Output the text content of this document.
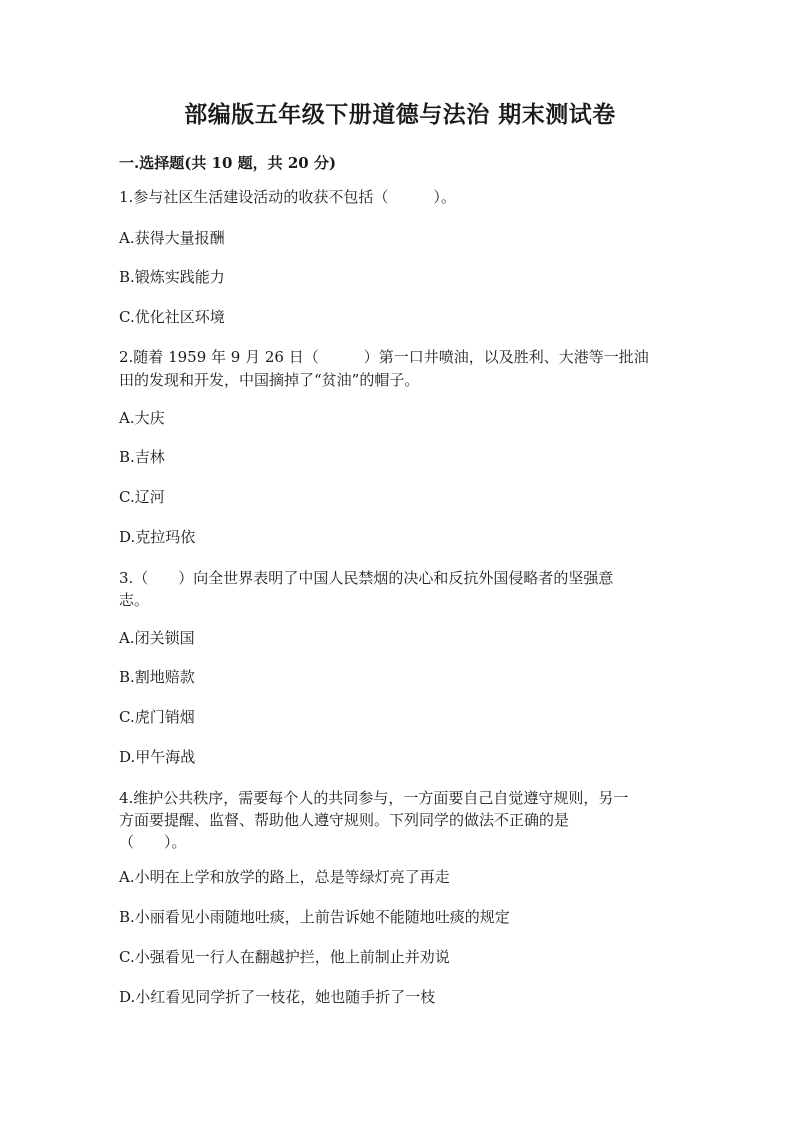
部编版五年级下册道德与法治 期末测试卷
一.选择题(共 10 题，共 20 分)
1.参与社区生活建设活动的收获不包括（　　　）。
A.获得大量报酬
B.锻炼实践能力
C.优化社区环境
2.随着 1959 年 9 月 26 日（　　　）第一口井喷油，以及胜利、大港等一批油
田的发现和开发，中国摘掉了“贫油”的帽子。
A.大庆
B.吉林
C.辽河
D.克拉玛依
3.（　　）向全世界表明了中国人民禁烟的决心和反抗外国侵略者的坚强意
志。
A.闭关锁国
B.割地赔款
C.虎门销烟
D.甲午海战
4.维护公共秩序，需要每个人的共同参与，一方面要自己自觉遵守规则，另一
方面要提醒、监督、帮助他人遵守规则。下列同学的做法不正确的是
（　　）。
A.小明在上学和放学的路上，总是等绿灯亮了再走
B.小丽看见小雨随地吐痰，上前告诉她不能随地吐痰的规定
C.小强看见一行人在翻越护拦，他上前制止并劝说
D.小红看见同学折了一枝花，她也随手折了一枝
